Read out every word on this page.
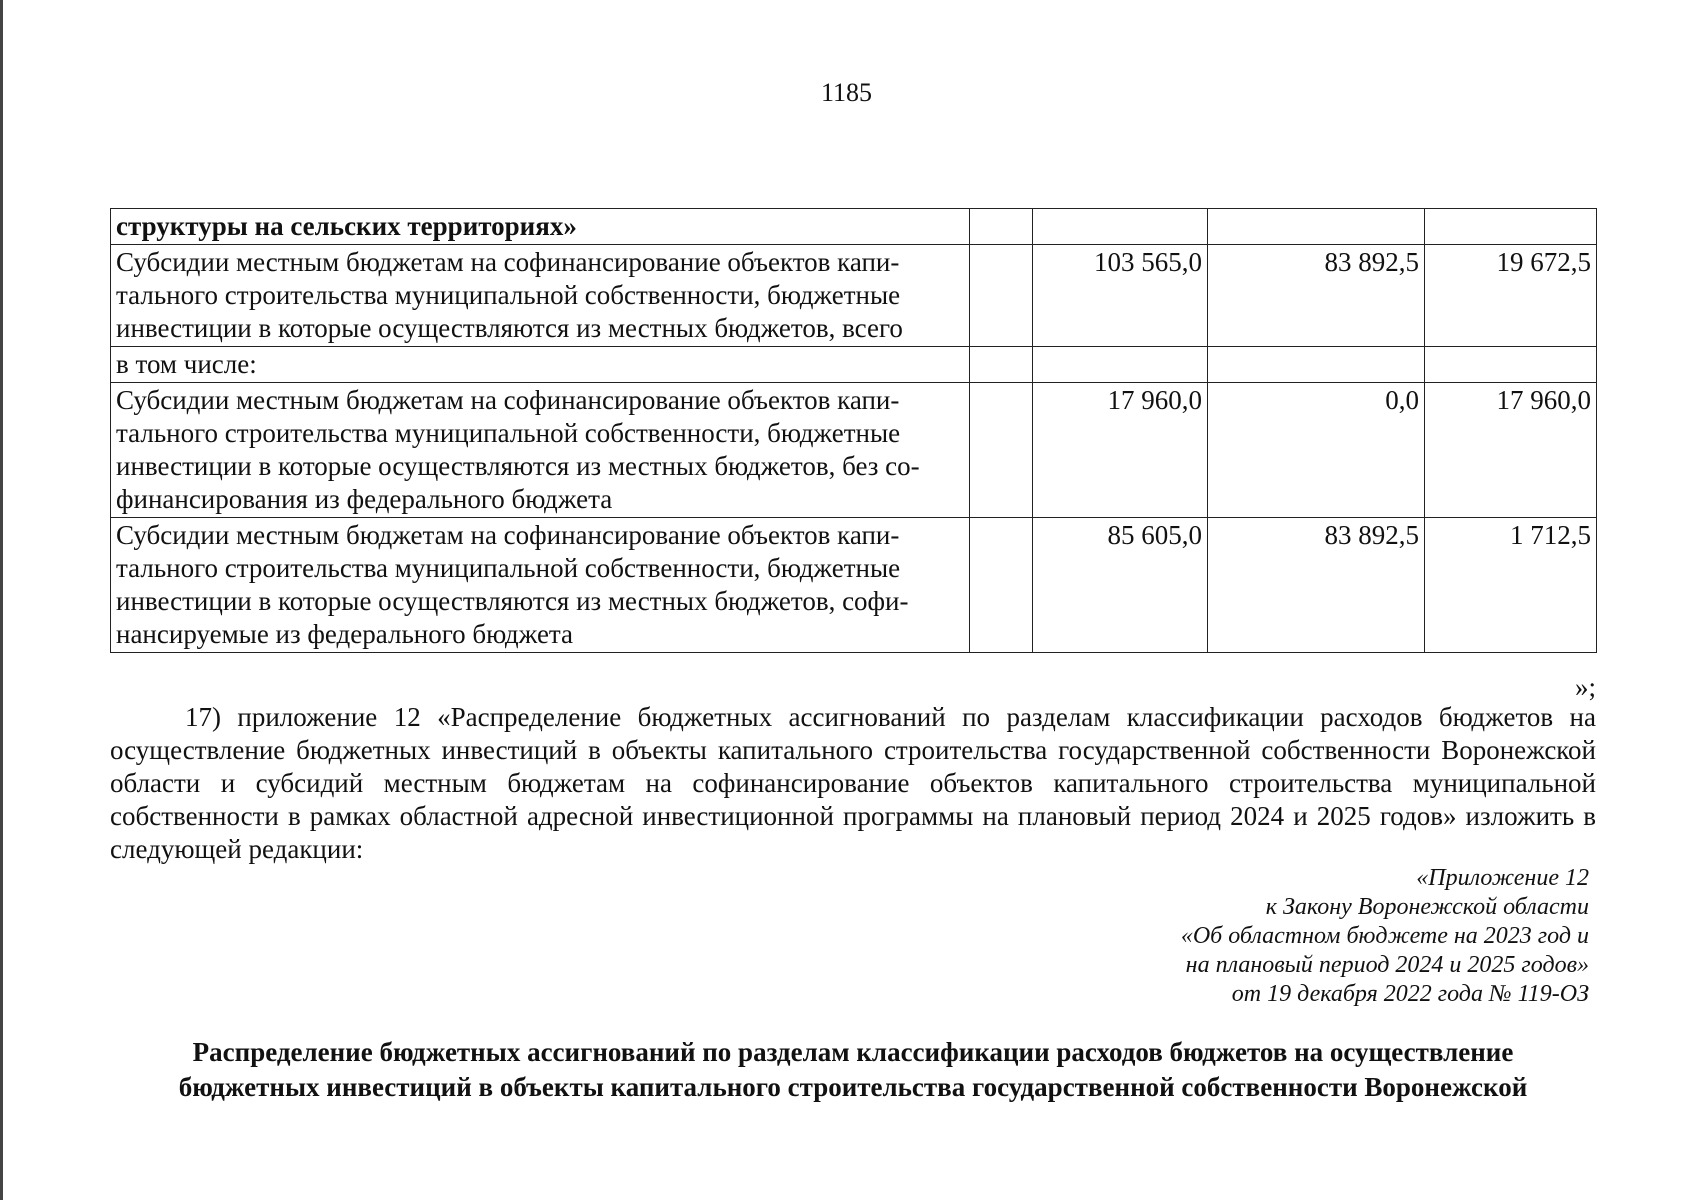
1185
структуры на сельских территориях»				

Субсидии местным бюджетам на софинансирование объектов капи-
тального строительства муниципальной собственности, бюджетные
инвестиции в которые осуществляются из местных бюджетов, всего		103 565,0	83 892,5	19 672,5
в том числе:				

Субсидии местным бюджетам на софинансирование объектов капи-
тального строительства муниципальной собственности, бюджетные
инвестиции в которые осуществляются из местных бюджетов, без со-
финансирования из федерального бюджета		17 960,0	0,0	17 960,0

Субсидии местным бюджетам на софинансирование объектов капи-
тального строительства муниципальной собственности, бюджетные
инвестиции в которые осуществляются из местных бюджетов, софи-
нансируемые из федерального бюджета		85 605,0	83 892,5	1 712,5
»;
17) приложение 12 «Распределение бюджетных ассигнований по разделам классификации расходов бюджетов на осуществление бюджетных инвестиций в объекты капитального строительства государственной собственности Воронежской области и субсидий местным бюджетам на софинансирование объектов капитального строительства муниципальной собственности в рамках областной адресной инвестиционной программы на плановый период 2024 и 2025 годов» изложить в следующей редакции:
«Приложение 12
к Закону Воронежской области
«Об областном бюджете на 2023 год и
на плановый период 2024 и 2025 годов»
от 19 декабря 2022 года № 119-ОЗ
Распределение бюджетных ассигнований по разделам классификации расходов бюджетов на осуществление
бюджетных инвестиций в объекты капитального строительства государственной собственности Воронежской
